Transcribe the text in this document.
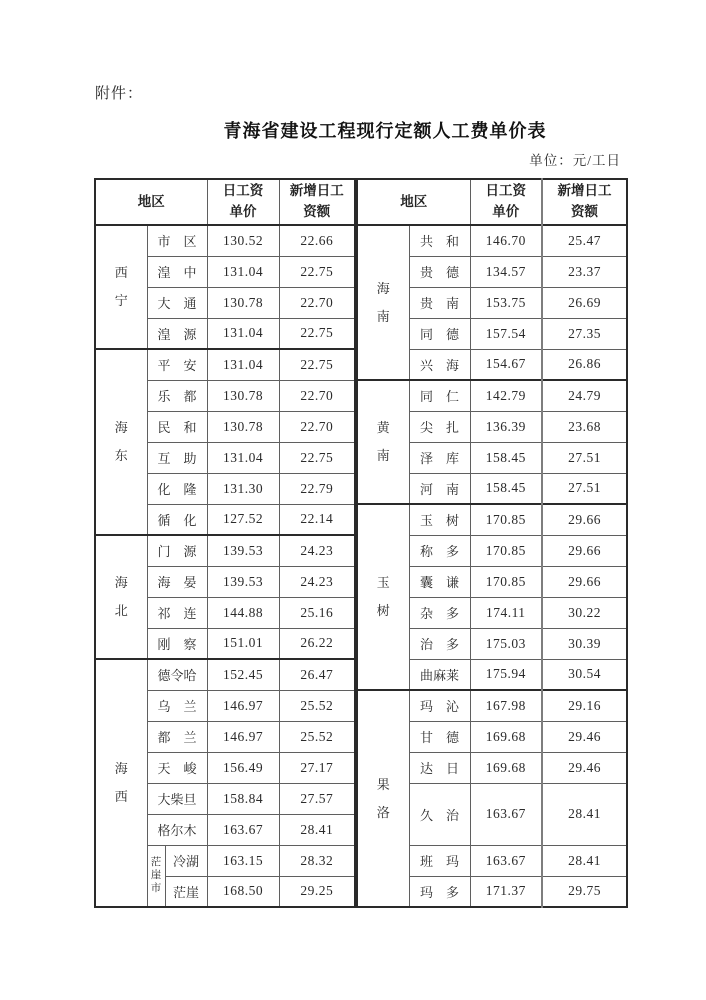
附件：
青海省建设工程现行定额人工费单价表
单位：元/工日
地区	
日工资
单价

新增日工
资额

西宁	市　区		130.52	22.66
	湟　中		131.04	22.75
	大　通		130.78	22.70
	湟　源		131.04	22.75

海东	平　安		131.04	22.75
	乐　都		130.78	22.70
	民　和		130.78	22.70
	互　助		131.04	22.75
	化　隆		131.30	22.79
	循　化		127.52	22.14

海北	门　源		139.53	24.23
	海　晏		139.53	24.23
	祁　连		144.88	25.16
	刚　察		151.01	26.22

海西	德令哈		152.45	26.47
	乌　兰		146.97	25.52
	都　兰		146.97	25.52
	天　峻		156.49	27.17
	大柴旦		158.84	27.57
	格尔木		163.67	28.41

	茫崖市	冷湖	163.15	28.32
		茫崖	168.50	29.25
地区	
日工资
单价

新增日工
资额

海南	共　和	146.70	25.47
	贵　德	134.57	23.37
	贵　南	153.75	26.69
	同　德	157.54	27.35
	兴　海	154.67	26.86

黄南	同　仁	142.79	24.79
	尖　扎	136.39	23.68
	泽　库	158.45	27.51
	河　南	158.45	27.51

玉树	玉　树	170.85	29.66
	称　多	170.85	29.66
	囊　谦	170.85	29.66
	杂　多	174.11	30.22
	治　多	175.03	30.39
	曲麻莱	175.94	30.54

果洛	玛　沁	167.98	29.16
	甘　德	169.68	29.46
	达　日	169.68	29.46
	久　治	163.67	28.41
	班　玛	163.67	28.41
	玛　多	171.37	29.75
